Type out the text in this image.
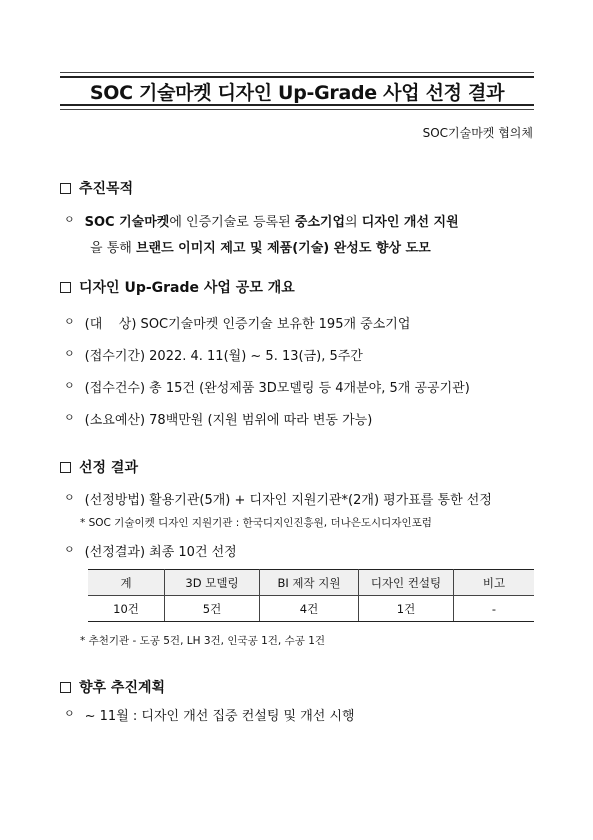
SOC 기술마켓 디자인 Up-Grade 사업 선정 결과
SOC기술마켓 협의체
추진목적
ㅇ SOC 기술마켓에 인증기술로 등록된 중소기업의 디자인 개선 지원
을 통해 브랜드 이미지 제고 및 제품(기술) 완성도 향상 도모
디자인 Up-Grade 사업 공모 개요
ㅇ (대    상) SOC기술마켓 인증기술 보유한 195개 중소기업
ㅇ (접수기간) 2022. 4. 11(월) ~ 5. 13(금), 5주간
ㅇ (접수건수) 총 15건 (완성제품 3D모델링 등 4개분야, 5개 공공기관)
ㅇ (소요예산) 78백만원 (지원 범위에 따라 변동 가능)
선정 결과
ㅇ (선정방법) 활용기관(5개) + 디자인 지원기관*(2개) 평가표를 통한 선정
* SOC 기술이켓 디자인 지원기관 : 한국디지인진흥원, 더나은도시디자인포럼
ㅇ (선정결과) 최종 10건 선정
계	3D 모델링	BI 제작 지원	디자인 컨설팅	비고
10건	5건	4건	1건	-
* 추천기관 - 도공 5건, LH 3건, 인국공 1건, 수공 1건
향후 추진계획
ㅇ ~ 11월 : 디자인 개선 집중 컨설팅 및 개선 시행
